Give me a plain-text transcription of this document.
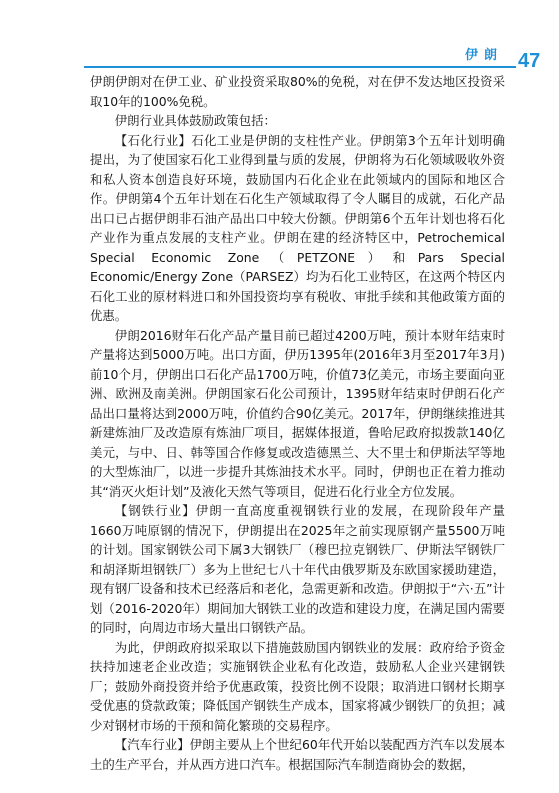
伊朗 47

伊朗伊朗对在伊工业、矿业投资采取80%的免税，对在伊不发达地区投资采取10年的100%免税。

伊朗行业具体鼓励政策包括：

【石化行业】石化工业是伊朗的支柱性产业。伊朗第3个五年计划明确提出，为了使国家石化工业得到量与质的发展，伊朗将为石化领域吸收外资和私人资本创造良好环境，鼓励国内石化企业在此领域内的国际和地区合作。伊朗第4个五年计划在石化生产领域取得了令人瞩目的成就，石化产品出口已占据伊朗非石油产品出口中较大份额。伊朗第6个五年计划也将石化产业作为重点发展的支柱产业。伊朗在建的经济特区中，Petrochemical Special Economic Zone（PETZONE）和Pars Special Economic/Energy Zone（PARSEZ）均为石化工业特区，在这两个特区内石化工业的原材料进口和外国投资均享有税收、审批手续和其他政策方面的优惠。

伊朗2016财年石化产品产量目前已超过4200万吨，预计本财年结束时产量将达到5000万吨。出口方面，伊历1395年(2016年3月至2017年3月)前10个月，伊朗出口石化产品1700万吨，价值73亿美元，市场主要面向亚洲、欧洲及南美洲。伊朗国家石化公司预计，1395财年结束时伊朗石化产品出口量将达到2000万吨，价值约合90亿美元。2017年，伊朗继续推进其新建炼油厂及改造原有炼油厂项目，据媒体报道，鲁哈尼政府拟拨款140亿美元，与中、日、韩等国合作修复或改造德黑兰、大不里士和伊斯法罕等地的大型炼油厂，以进一步提升其炼油技术水平。同时，伊朗也正在着力推动其“消灭火炬计划”及液化天然气等项目，促进石化行业全方位发展。

【钢铁行业】伊朗一直高度重视钢铁行业的发展，在现阶段年产量1660万吨原钢的情况下，伊朗提出在2025年之前实现原钢产量5500万吨的计划。国家钢铁公司下属3大钢铁厂（穆巴拉克钢铁厂、伊斯法罕钢铁厂和胡泽斯坦钢铁厂）多为上世纪七八十年代由俄罗斯及东欧国家援助建造，现有钢厂设备和技术已经落后和老化，急需更新和改造。伊朗拟于“六·五”计划（2016-2020年）期间加大钢铁工业的改造和建设力度，在满足国内需要的同时，向周边市场大量出口钢铁产品。

为此，伊朗政府拟采取以下措施鼓励国内钢铁业的发展：政府给予资金扶持加速老企业改造；实施钢铁企业私有化改造，鼓励私人企业兴建钢铁厂；鼓励外商投资并给予优惠政策，投资比例不设限；取消进口钢材长期享受优惠的贷款政策；降低国产钢铁生产成本，国家将减少钢铁厂的负担；减少对钢材市场的干预和简化繁琐的交易程序。

【汽车行业】伊朗主要从上个世纪60年代开始以装配西方汽车以发展本土的生产平台，并从西方进口汽车。根据国际汽车制造商协会的数据，
